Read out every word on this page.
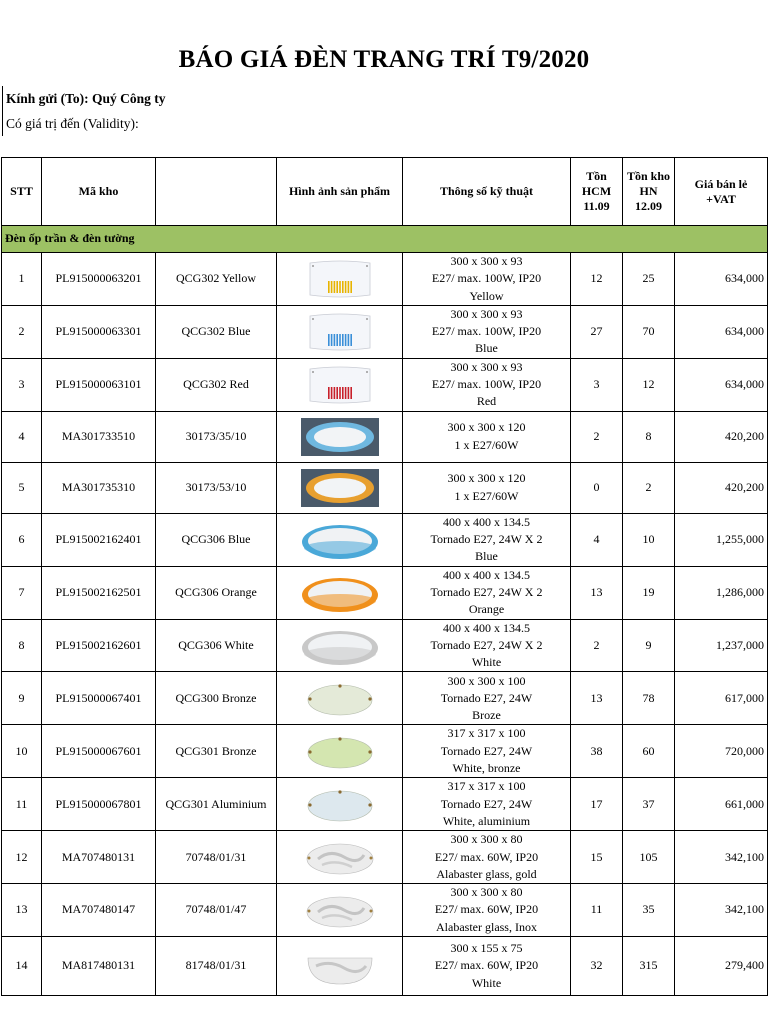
BÁO GIÁ ĐÈN TRANG TRÍ T9/2020
Kính gửi (To): Quý Công ty
Có giá trị đến (Validity):
STT	Mã kho		Hình ảnh sản phẩm	Thông số kỹ thuật	Tồn
HCM
11.09	Tồn kho
HN
12.09	Giá bán lẻ
+VAT
Đèn ốp trần & đèn tường							
1	PL915000063201	QCG302 Yellow		300 x 300 x 93
E27/ max. 100W, IP20
Yellow	12	25	634,000
2	PL915000063301	QCG302 Blue		300 x 300 x 93
E27/ max. 100W, IP20
Blue	27	70	634,000
3	PL915000063101	QCG302 Red		300 x 300 x 93
E27/ max. 100W, IP20
Red	3	12	634,000
4	MA301733510	30173/35/10		300 x 300 x 120
1 x E27/60W	2	8	420,200
5	MA301735310	30173/53/10		300 x 300 x 120
1 x E27/60W	0	2	420,200
6	PL915002162401	QCG306 Blue		400 x 400 x 134.5
Tornado E27, 24W X 2
Blue	4	10	1,255,000
7	PL915002162501	QCG306 Orange		400 x 400 x 134.5
Tornado E27, 24W X 2
Orange	13	19	1,286,000
8	PL915002162601	QCG306 White		400 x 400 x 134.5
Tornado E27, 24W X 2
White	2	9	1,237,000
9	PL915000067401	QCG300 Bronze		300 x 300 x 100
Tornado E27, 24W
Broze	13	78	617,000
10	PL915000067601	QCG301 Bronze		317 x 317 x 100
Tornado E27, 24W
White, bronze	38	60	720,000
11	PL915000067801	QCG301 Aluminium		317 x 317 x 100
Tornado E27, 24W
White, aluminium	17	37	661,000
12	MA707480131	70748/01/31		300 x 300 x 80
E27/ max. 60W, IP20
Alabaster glass, gold	15	105	342,100
13	MA707480147	70748/01/47		300 x 300 x 80
E27/ max. 60W, IP20
Alabaster glass, Inox	11	35	342,100
14	MA817480131	81748/01/31		300 x 155 x 75
E27/ max. 60W, IP20
White	32	315	279,400
